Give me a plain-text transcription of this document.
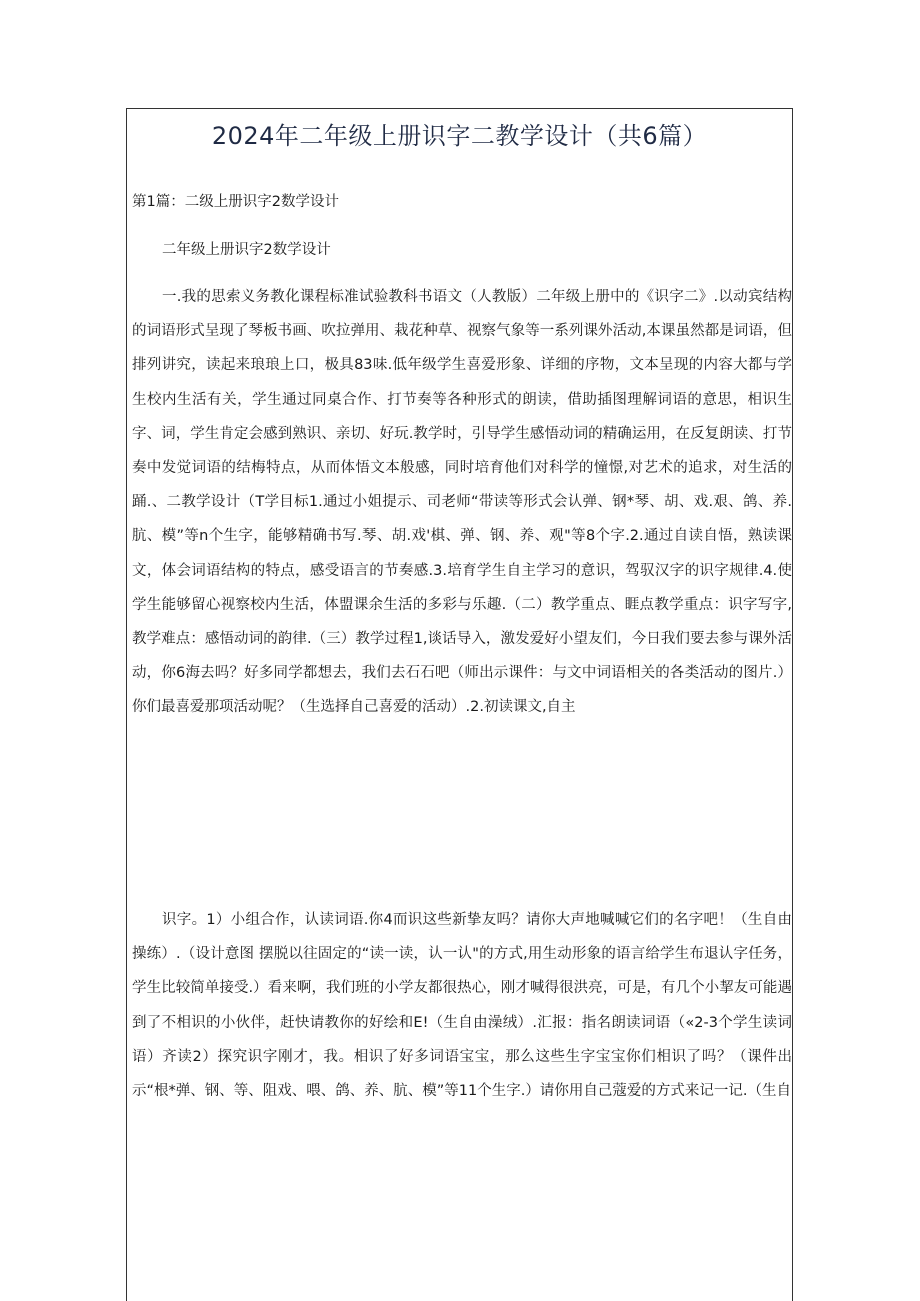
2024年二年级上册识字二教学设计（共6篇）
第1篇：二级上册识字2数学设计
二年级上册识字2数学设计

一.我的思索义务教化课程标准试验教科书语文（人教版）二年级上册中的《识字二》.以动宾结构的词语形式呈现了琴板书画、吹拉弹用、栽花种草、视察气象等一系列课外活动,本课虽然都是词语，但排列讲究，读起来琅琅上口，极具83味.低年级学生喜爱形象、详细的序物，文本呈现的内容大都与学生校内生活有关，学生通过同桌合作、打节奏等各种形式的朗读，借助插图理解词语的意思，相识生字、词，学生肯定会感到熟识、亲切、好玩.教学时，引导学生感悟动词的精确运用，在反复朗读、打节奏中发觉词语的结梅特点，从而体悟文本般感，同时培育他们对科学的憧憬,对艺术的追求，对生活的踊.、二教学设计（T学目标1.通过小姐提示、司老师“带读等形式会认弹、钢*琴、胡、戏.艰、鸽、养.肮、模”等n个生字，能够精确书写.琴、胡.戏'棋、弹、钢、养、观"等8个字.2.通过自读自悟，熟读课文，体会词语结构的特点，感受语言的节奏感.3.培育学生自主学习的意识，驾驭汉字的识字规律.4.使学生能够留心视察校内生活，体盟课余生活的多彩与乐趣.（二）教学重点、睚点教学重点：识字写字,教学难点：感悟动词的韵律.（三）教学过程1,谈话导入，激发爱好小望友们，今日我们要去参与课外活动，你6海去吗？好多同学都想去，我们去石石吧（师出示课件：与文中词语相关的各类活动的图片.）你们最喜爱那项活动呢？（生选择自己喜爱的活动）.2.初读课文,自主

识字。1）小组合作，认读词语.你4而识这些新挚友吗？请你大声地喊喊它们的名字吧！（生自由操练）.（设计意图 摆脱以往固定的“读一读，认一认"的方式,用生动形象的语言给学生布退认字任务，学生比较简单接受.）看来啊，我们班的小学友都很热心，刚才喊得很洪亮，可是，有几个小挈友可能遇到了不相识的小伙伴，赶快请教你的好绘和E!（生自由澡绒）.汇报：指名朗读词语（«2-3个学生读词语）齐读2）探究识字刚才，我。相识了好多词语宝宝，那么这些生字宝宝你们相识了吗？（课件出示“根*弹、钢、等、阻戏、喂、鸽、养、肮、模”等11个生字.）请你用自己蔻爱的方式来记一记.（生自
